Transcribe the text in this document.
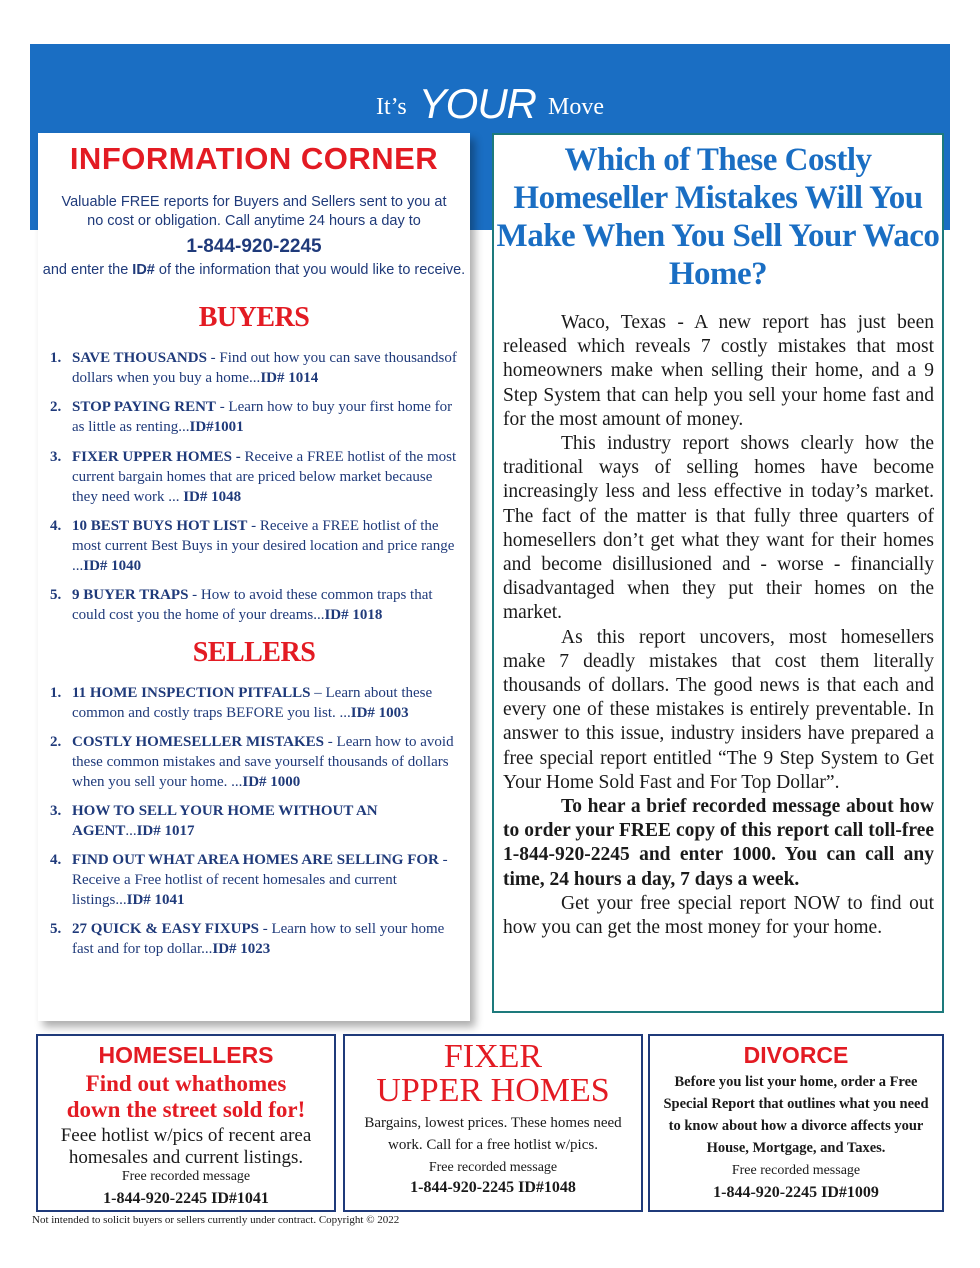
It’s YOUR Move
INFORMATION CORNER
Valuable FREE reports for Buyers and Sellers sent to you at no cost or obligation. Call anytime 24 hours a day to
1-844-920-2245
and enter the ID# of the information that you would like to receive.
BUYERS
1. SAVE THOUSANDS - Find out how you can save thousandsof dollars when you buy a home...ID# 1014
2. STOP PAYING RENT - Learn how to buy your first home for as little as renting...ID#1001
3. FIXER UPPER HOMES - Receive a FREE hotlist of the most current bargain homes that are priced below market because they need work ... ID# 1048
4. 10 BEST BUYS HOT LIST - Receive a FREE hotlist of the most current Best Buys in your desired location and price range ...ID# 1040
5. 9 BUYER TRAPS - How to avoid these common traps that could cost you the home of your dreams...ID# 1018
SELLERS
1. 11 HOME INSPECTION PITFALLS – Learn about these common and costly traps BEFORE you list. ...ID# 1003
2. COSTLY HOMESELLER MISTAKES - Learn how to avoid these common mistakes and save yourself thousands of dollars when you sell your home. ...ID# 1000
3. HOW TO SELL YOUR HOME WITHOUT AN AGENT...ID# 1017
4. FIND OUT WHAT AREA HOMES ARE SELLING FOR - Receive a Free hotlist of recent homesales and current listings...ID# 1041
5. 27 QUICK & EASY FIXUPS - Learn how to sell your home fast and for top dollar...ID# 1023
Which of These Costly Homeseller Mistakes Will You Make When You Sell Your Waco Home?

Waco, Texas - A new report has just been released which reveals 7 costly mistakes that most homeowners make when selling their home, and a 9 Step System that can help you sell your home fast and for the most amount of money.

This industry report shows clearly how the traditional ways of selling homes have become increasingly less and less effective in today’s market. The fact of the matter is that fully three quarters of homesellers don’t get what they want for their homes and become disillusioned and - worse - financially disadvantaged when they put their homes on the market.

As this report uncovers, most homesellers make 7 deadly mistakes that cost them literally thousands of dollars. The good news is that each and every one of these mistakes is entirely preventable. In answer to this issue, industry insiders have prepared a free special report entitled “The 9 Step System to Get Your Home Sold Fast and For Top Dollar”.

To hear a brief recorded message about how to order your FREE copy of this report call toll-free 1-844-920-2245 and enter 1000. You can call any time, 24 hours a day, 7 days a week.

Get your free special report NOW to find out how you can get the most money for your home.

HOMESELLERS
Find out whathomes
down the street sold for!
Feee hotlist w/pics of recent area homesales and current listings.
Free recorded message
1-844-920-2245 ID#1041
FIXER
UPPER HOMES
Bargains, lowest prices. These homes need work. Call for a free hotlist w/pics.
Free recorded message
1-844-920-2245 ID#1048
DIVORCE
Before you list your home, order a Free Special Report that outlines what you need to know about how a divorce affects your House, Mortgage, and Taxes.
Free recorded message
1-844-920-2245 ID#1009
Not intended to solicit buyers or sellers currently under contract. Copyright © 2022
